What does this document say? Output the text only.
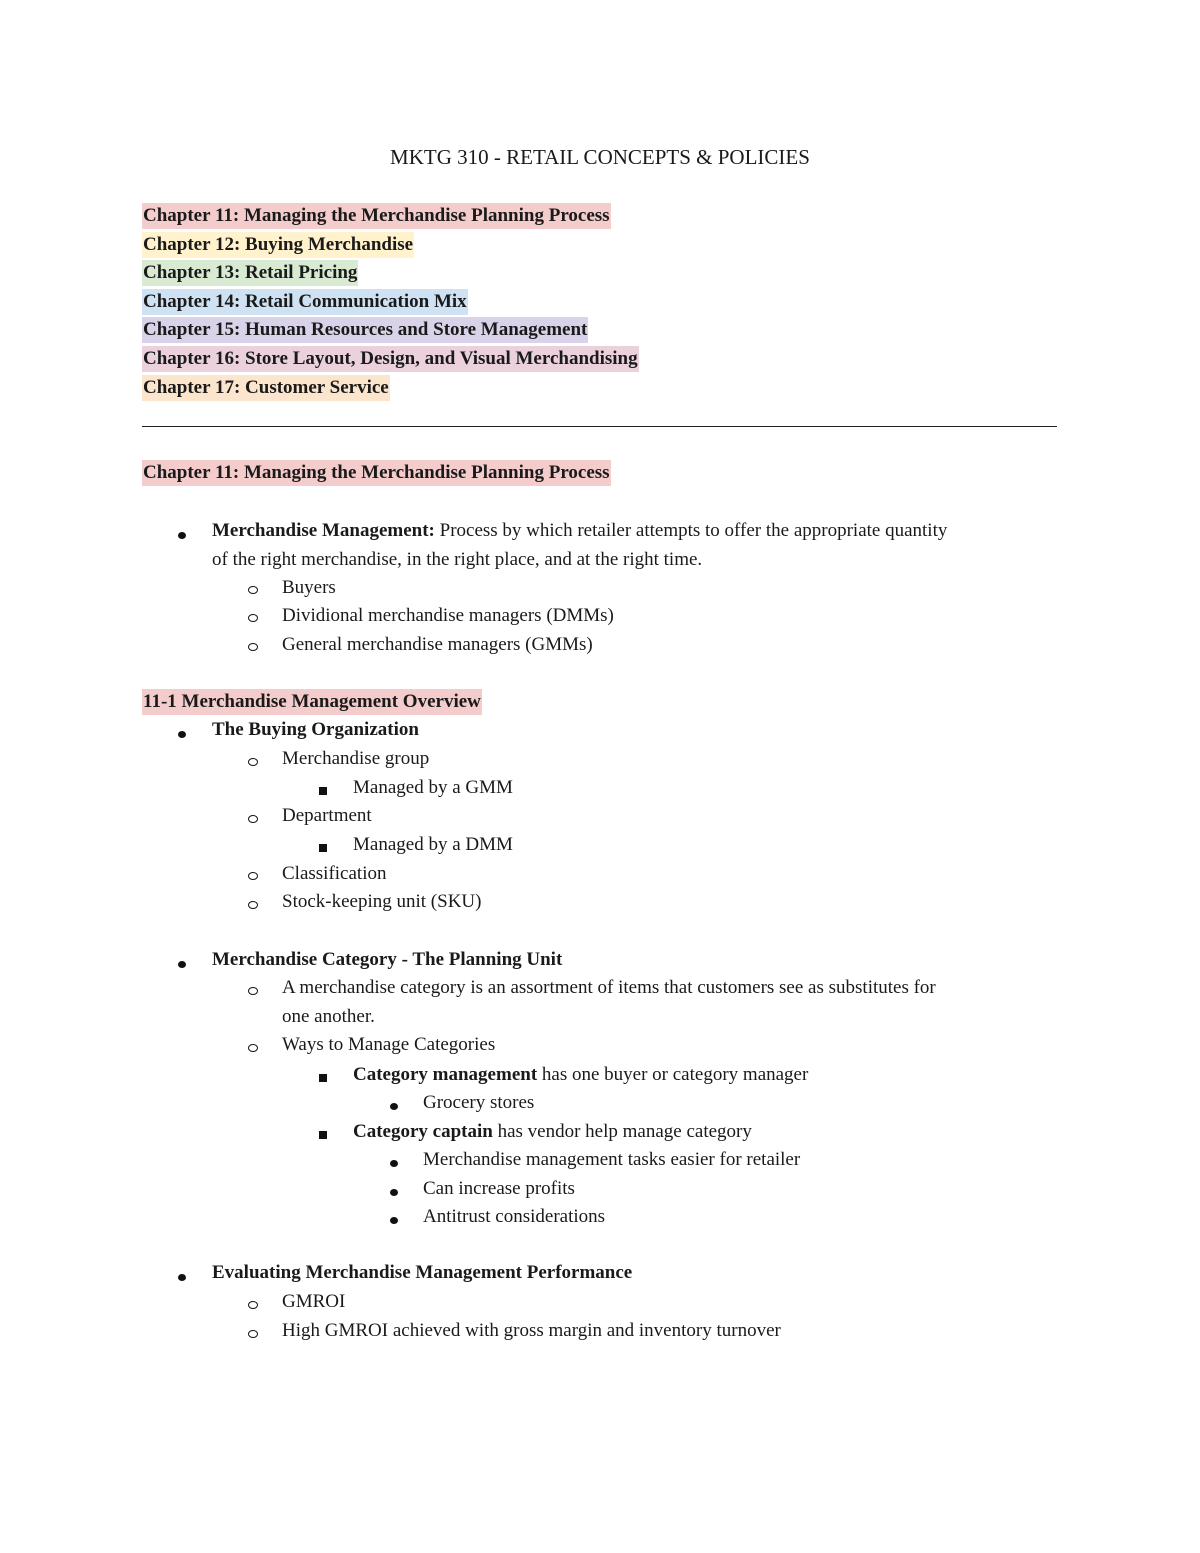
MKTG 310 - RETAIL CONCEPTS & POLICIES
Chapter 11: Managing the Merchandise Planning Process
Chapter 12: Buying Merchandise
Chapter 13: Retail Pricing
Chapter 14: Retail Communication Mix
Chapter 15: Human Resources and Store Management
Chapter 16: Store Layout, Design, and Visual Merchandising
Chapter 17: Customer Service
Chapter 11: Managing the Merchandise Planning Process
Merchandise Management: Process by which retailer attempts to offer the appropriate quantity
of the right merchandise, in the right place, and at the right time.
Buyers
Dividional merchandise managers (DMMs)
General merchandise managers (GMMs)
11-1 Merchandise Management Overview
The Buying Organization
Merchandise group
Managed by a GMM
Department
Managed by a DMM
Classification
Stock-keeping unit (SKU)
Merchandise Category - The Planning Unit
A merchandise category is an assortment of items that customers see as substitutes for
one another.
Ways to Manage Categories
Category management has one buyer or category manager
Grocery stores
Category captain has vendor help manage category
Merchandise management tasks easier for retailer
Can increase profits
Antitrust considerations
Evaluating Merchandise Management Performance
GMROI
High GMROI achieved with gross margin and inventory turnover
